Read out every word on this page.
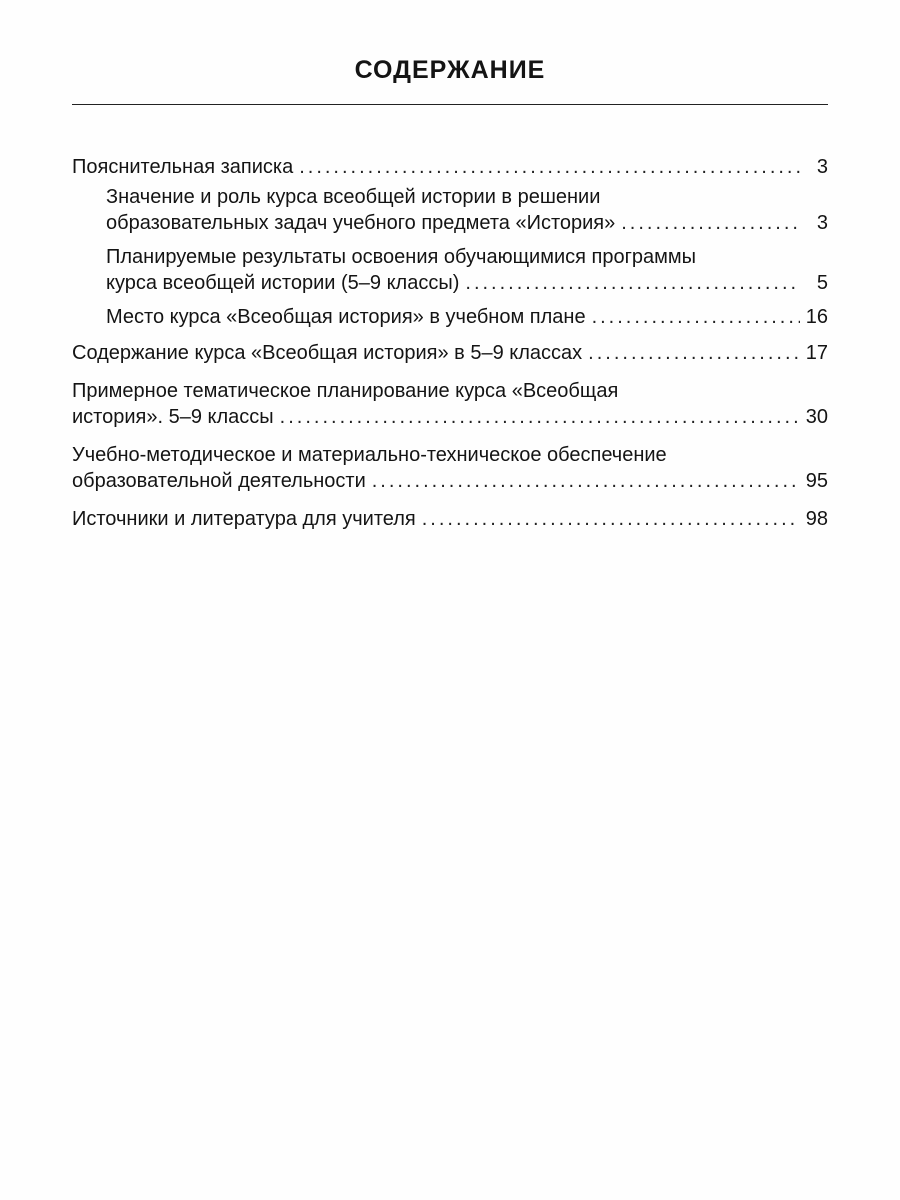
СОДЕРЖАНИЕ
Пояснительная записка .....	3
Значение и роль курса всеобщей истории в решении
образовательных задач учебного предмета «История» .....	3
Планируемые результаты освоения обучающимися программы
курса всеобщей истории (5–9 классы) .....	5
Место курса «Всеобщая история» в учебном плане .....	16
Содержание курса «Всеобщая история» в 5–9 классах .....	17
Примерное тематическое планирование курса «Всеобщая
история». 5–9 классы .....	30
Учебно-методическое и материально-техническое обеспечение
образовательной деятельности .....	95
Источники и литература для учителя .....	98
